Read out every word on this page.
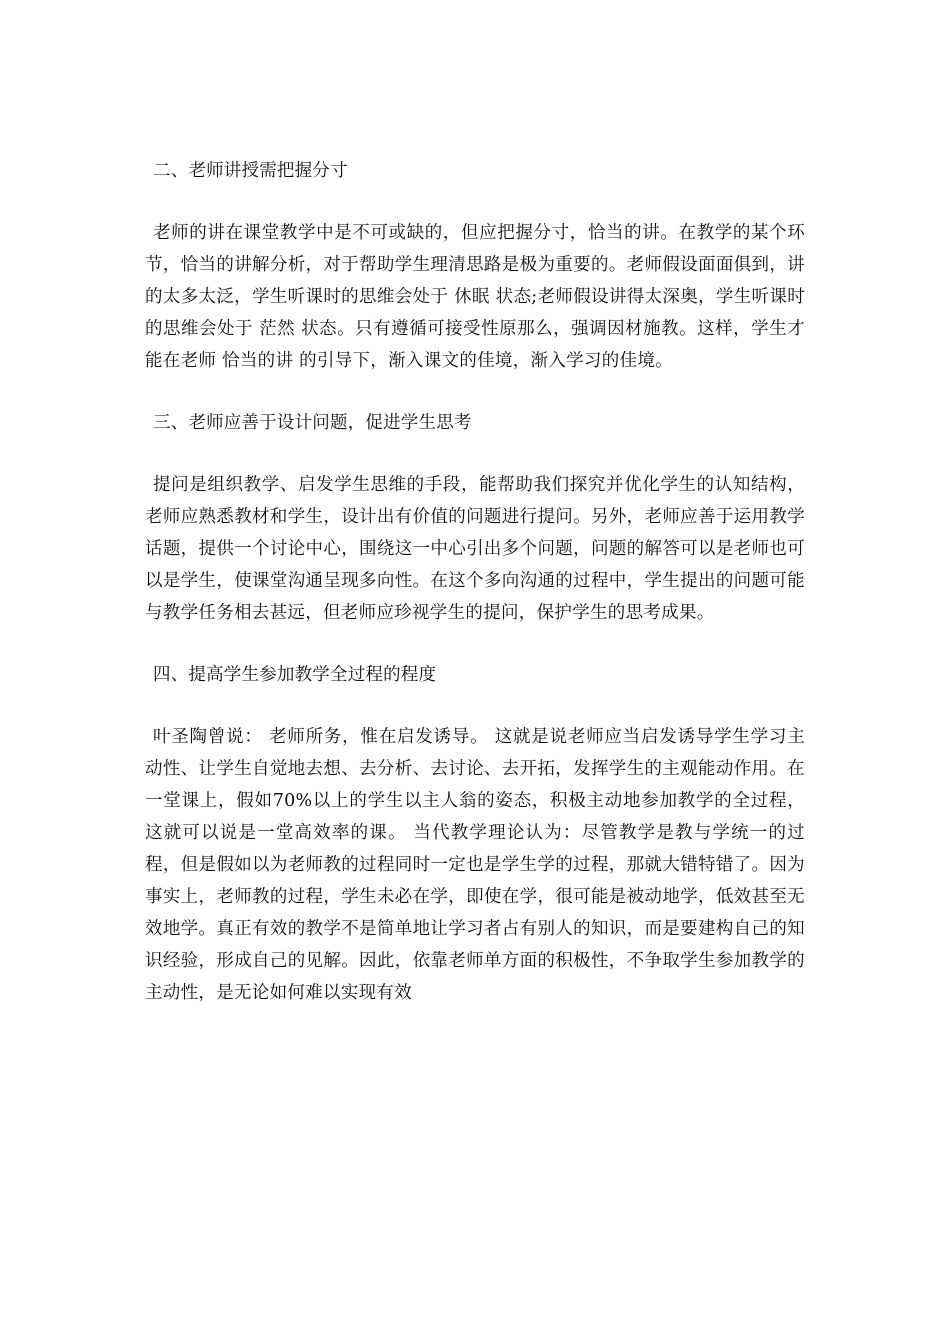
二、老师讲授需把握分寸

老师的讲在课堂教学中是不可或缺的，但应把握分寸，恰当的讲。在教学的某个环节，恰当的讲解分析，对于帮助学生理清思路是极为重要的。老师假设面面俱到，讲的太多太泛，学生听课时的思维会处于 休眠 状态;老师假设讲得太深奥，学生听课时的思维会处于 茫然 状态。只有遵循可接受性原那么，强调因材施教。这样，学生才能在老师 恰当的讲 的引导下，渐入课文的佳境，渐入学习的佳境。

三、老师应善于设计问题，促进学生思考

提问是组织教学、启发学生思维的手段，能帮助我们探究并优化学生的认知结构，老师应熟悉教材和学生，设计出有价值的问题进行提问。另外，老师应善于运用教学话题，提供一个讨论中心，围绕这一中心引出多个问题，问题的解答可以是老师也可以是学生，使课堂沟通呈现多向性。在这个多向沟通的过程中，学生提出的问题可能与教学任务相去甚远，但老师应珍视学生的提问，保护学生的思考成果。

四、提高学生参加教学全过程的程度

叶圣陶曾说： 老师所务，惟在启发诱导。 这就是说老师应当启发诱导学生学习主动性、让学生自觉地去想、去分析、去讨论、去开拓，发挥学生的主观能动作用。在一堂课上，假如70%以上的学生以主人翁的姿态，积极主动地参加教学的全过程，这就可以说是一堂高效率的课。 当代教学理论认为：尽管教学是教与学统一的过程，但是假如以为老师教的过程同时一定也是学生学的过程，那就大错特错了。因为事实上，老师教的过程，学生未必在学，即使在学，很可能是被动地学，低效甚至无效地学。真正有效的教学不是简单地让学习者占有别人的知识，而是要建构自己的知识经验，形成自己的见解。因此，依靠老师单方面的积极性，不争取学生参加教学的主动性，是无论如何难以实现有效
